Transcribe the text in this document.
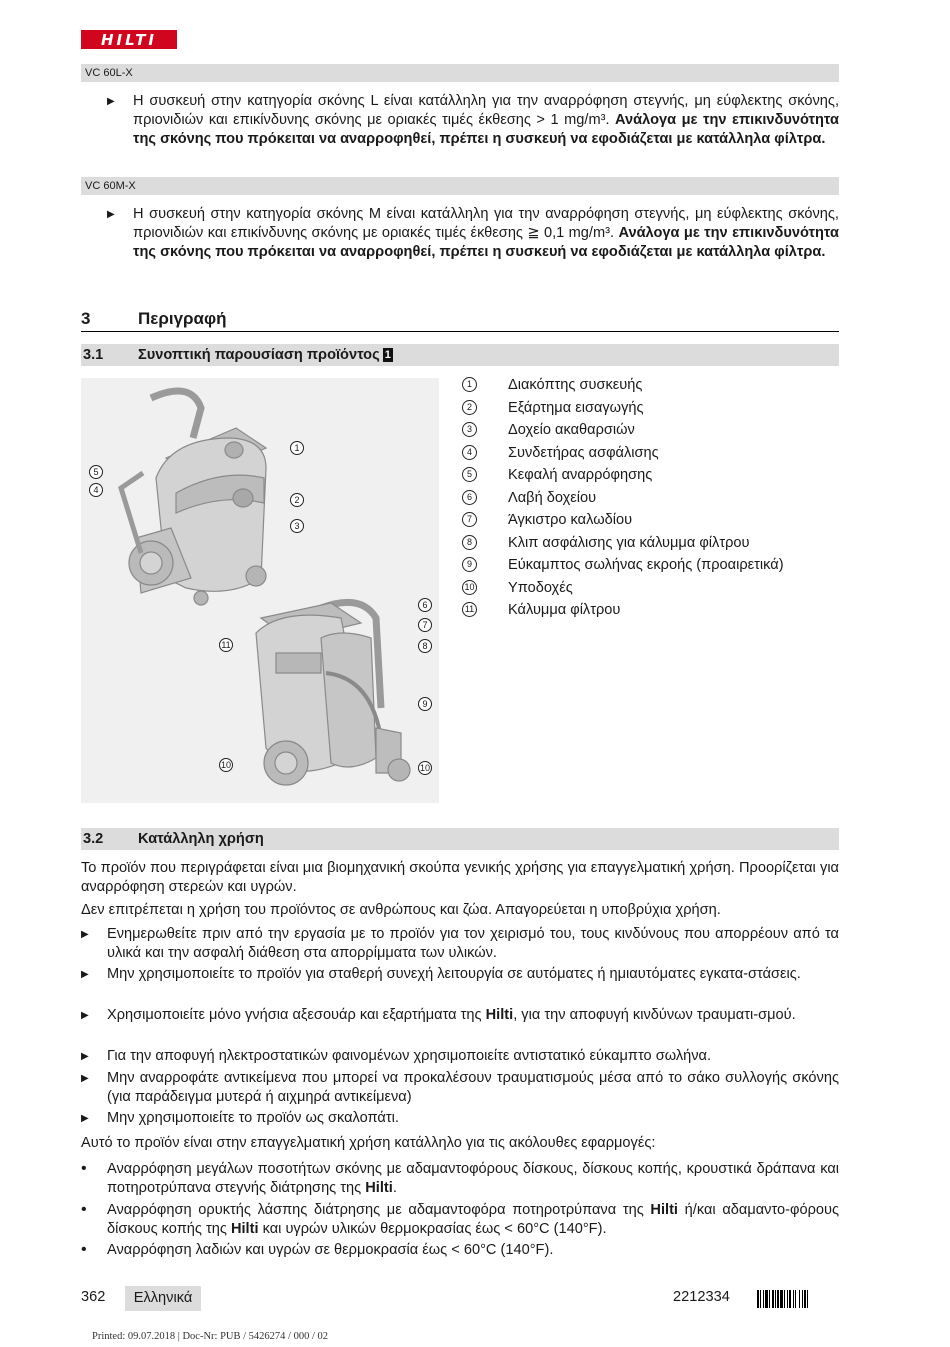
HILTI
VC 60L-X
▶ Η συσκευή στην κατηγορία σκόνης L είναι κατάλληλη για την αναρρόφηση στεγνής, μη εύφλεκτης σκόνης, πριονιδιών και επικίνδυνης σκόνης με οριακές τιμές έκθεσης > 1 mg/m³. Ανάλογα με την επικινδυνότητα της σκόνης που πρόκειται να αναρροφηθεί, πρέπει η συσκευή να εφοδιάζεται με κατάλληλα φίλτρα.
VC 60M-X
▶ Η συσκευή στην κατηγορία σκόνης M είναι κατάλληλη για την αναρρόφηση στεγνής, μη εύφλεκτης σκόνης, πριονιδιών και επικίνδυνης σκόνης με οριακές τιμές έκθεσης ≧ 0,1 mg/m³. Ανάλογα με την επικινδυνότητα της σκόνης που πρόκειται να αναρροφηθεί, πρέπει η συσκευή να εφοδιάζεται με κατάλληλα φίλτρα.
3	Περιγραφή
3.1 Συνοπτική παρουσίαση προϊόντος 1
1
2
3
4
5
6
7
8
9
10	10
11
1	Διακόπτης συσκευής
2	Εξάρτημα εισαγωγής
3	Δοχείο ακαθαρσιών
4	Συνδετήρας ασφάλισης
5	Κεφαλή αναρρόφησης
6	Λαβή δοχείου
7	Άγκιστρο καλωδίου
8	Κλιπ ασφάλισης για κάλυμμα φίλτρου
9	Εύκαμπτος σωλήνας εκροής (προαιρετικά)
10 Υποδοχές
11 Κάλυμμα φίλτρου
3.2 Κατάλληλη χρήση
Το προϊόν που περιγράφεται είναι μια βιομηχανική σκούπα γενικής χρήσης για επαγγελματική χρήση. Προορίζεται για αναρρόφηση στερεών και υγρών.
Δεν επιτρέπεται η χρήση του προϊόντος σε ανθρώπους και ζώα. Απαγορεύεται η υποβρύχια χρήση.
▶ Ενημερωθείτε πριν από την εργασία με το προϊόν για τον χειρισμό του, τους κινδύνους που απορρέουν από τα υλικά και την ασφαλή διάθεση στα απορρίμματα των υλικών.
▶ Μην χρησιμοποιείτε το προϊόν για σταθερή συνεχή λειτουργία σε αυτόματες ή ημιαυτόματες εγκατα-στάσεις.
▶ Χρησιμοποιείτε μόνο γνήσια αξεσουάρ και εξαρτήματα της Hilti, για την αποφυγή κινδύνων τραυματι-σμού.
▶ Για την αποφυγή ηλεκτροστατικών φαινομένων χρησιμοποιείτε αντιστατικό εύκαμπτο σωλήνα.
▶ Μην αναρροφάτε αντικείμενα που μπορεί να προκαλέσουν τραυματισμούς μέσα από το σάκο συλλογής σκόνης (για παράδειγμα μυτερά ή αιχμηρά αντικείμενα)
▶ Μην χρησιμοποιείτε το προϊόν ως σκαλοπάτι.
Αυτό το προϊόν είναι στην επαγγελματική χρήση κατάλληλο για τις ακόλουθες εφαρμογές:
• Αναρρόφηση μεγάλων ποσοτήτων σκόνης με αδαμαντοφόρους δίσκους, δίσκους κοπής, κρουστικά δράπανα και ποτηροτρύπανα στεγνής διάτρησης της Hilti.
• Αναρρόφηση ορυκτής λάσπης διάτρησης με αδαμαντοφόρα ποτηροτρύπανα της Hilti ή/και αδαμαντο-φόρους δίσκους κοπής της Hilti και υγρών υλικών θερμοκρασίας έως < 60°C (140°F).
• Αναρρόφηση λαδιών και υγρών σε θερμοκρασία έως < 60°C (140°F).
362	Ελληνικά	2212334
Printed: 09.07.2018 | Doc-Nr: PUB / 5426274 / 000 / 02
